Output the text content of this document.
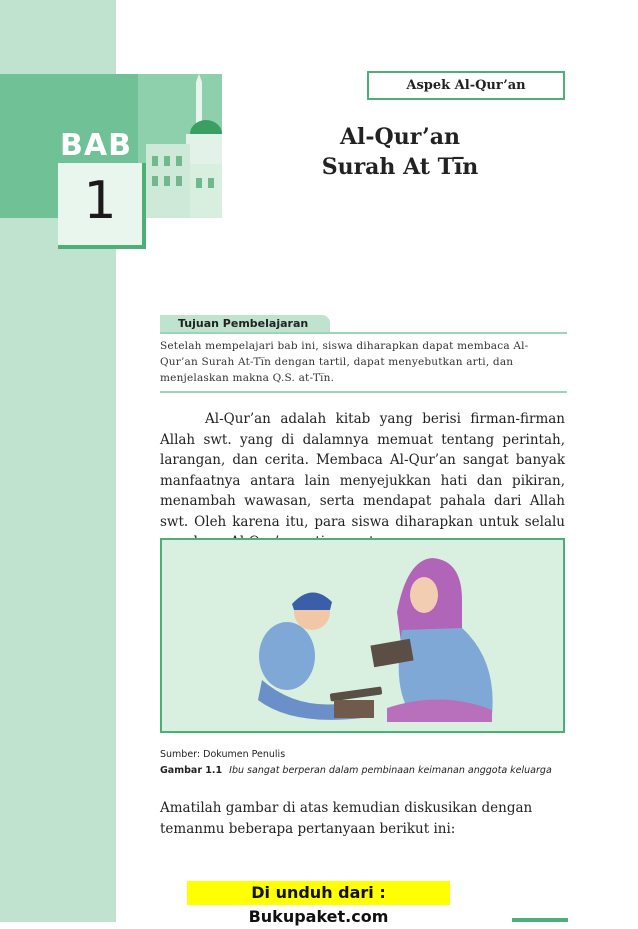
BAB
1
Aspek Al-Qur’an
Al-Qur’an
Surah At Ti̅n
Tujuan Pembelajaran
Setelah mempelajari bab ini, siswa diharapkan dapat membaca Al-Qur’an Surah At-Ti̅n dengan tartil, dapat menyebutkan arti, dan menjelaskan makna Q.S. at-Ti̅n.
Al-Qur’an adalah kitab yang berisi firman-firman Allah swt. yang di dalamnya memuat tentang perintah, larangan, dan cerita. Membaca Al-Qur’an sangat banyak manfaatnya antara lain menyejukkan hati dan pikiran, menambah wawasan, serta mendapat pahala dari Allah swt. Oleh karena itu, para siswa diharapkan untuk selalu
Sumber: Dokumen Penulis
Gambar 1.1 Ibu sangat berperan dalam pembinaan keimanan anggota keluarga
Amatilah gambar di atas kemudian diskusikan dengan temanmu beberapa pertanyaan berikut ini:
Di unduh dari : Bukupaket.com
